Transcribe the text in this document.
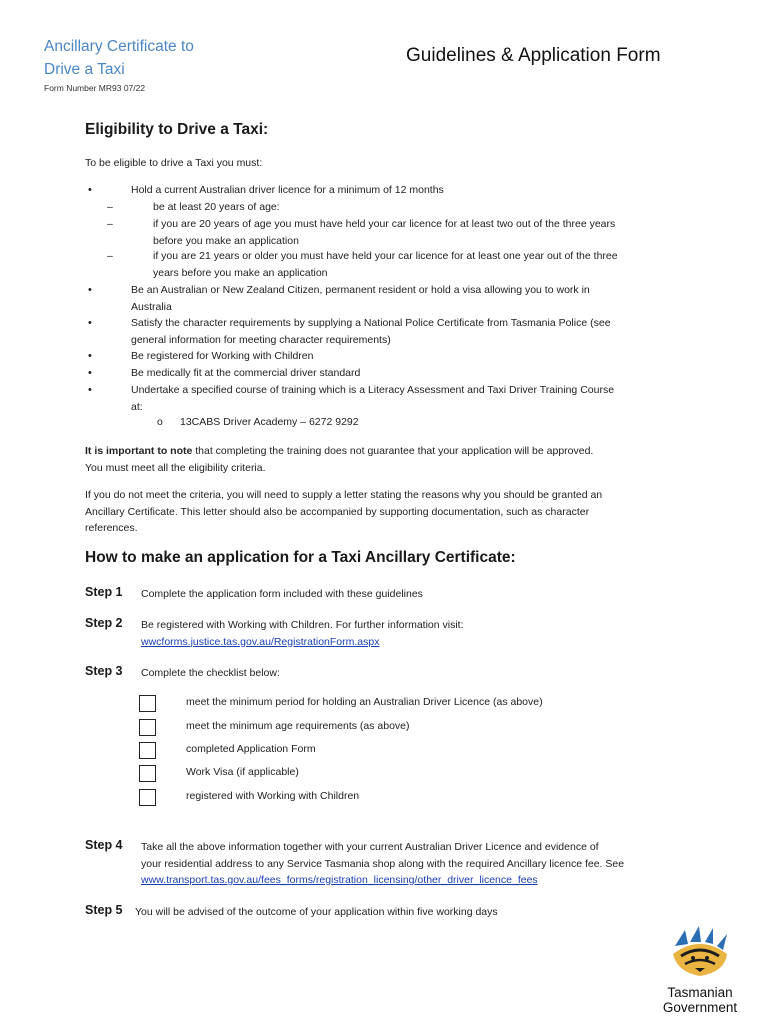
Ancillary Certificate to
Drive a Taxi
Form Number MR93 07/22
Guidelines & Application Form
Eligibility to Drive a Taxi:
To be eligible to drive a Taxi you must:
•	Hold a current Australian driver licence for a minimum of 12 months
–	be at least 20 years of age:
–	if you are 20 years of age you must have held your car licence for at least two out of the three years
before you make an application
–	if you are 21 years or older you must have held your car licence for at least one year out of the three
years before you make an application
•	Be an Australian or New Zealand Citizen, permanent resident or hold a visa allowing you to work in
Australia
•	Satisfy the character requirements by supplying a National Police Certificate from Tasmania Police (see
general information for meeting character requirements)
•	Be registered for Working with Children
•	Be medically fit at the commercial driver standard
•	Undertake a specified course of training which is a Literacy Assessment and Taxi Driver Training Course
at:
o 13CABS Driver Academy – 6272 9292
It is important to note that completing the training does not guarantee that your application will be approved.
You must meet all the eligibility criteria.
If you do not meet the criteria, you will need to supply a letter stating the reasons why you should be granted an
Ancillary Certificate. This letter should also be accompanied by supporting documentation, such as character
references.
How to make an application for a Taxi Ancillary Certificate:
Step 1 Complete the application form included with these guidelines
Step 2 Be registered with Working with Children. For further information visit:
wwcforms.justice.tas.gov.au/RegistrationForm.aspx
Step 3 Complete the checklist below:
meet the minimum period for holding an Australian Driver Licence (as above)
meet the minimum age requirements (as above)
completed Application Form
Work Visa (if applicable)
registered with Working with Children
Step 4 Take all the above information together with your current Australian Driver Licence and evidence of
your residential address to any Service Tasmania shop along with the required Ancillary licence fee. See
www.transport.tas.gov.au/fees_forms/registration_licensing/other_driver_licence_fees
Step 5 You will be advised of the outcome of your application within five working days
Tasmanian
Government
